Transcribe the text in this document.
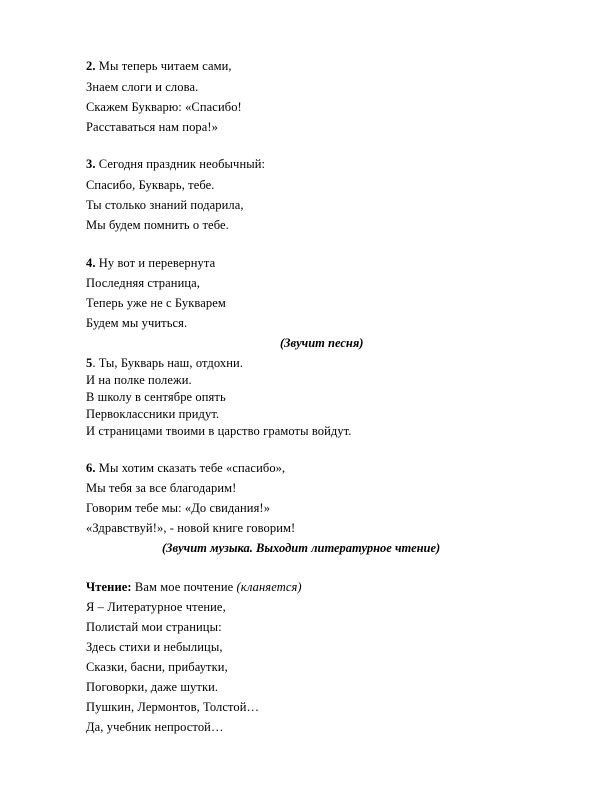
2. Мы теперь читаем сами,
Знаем слоги и слова.
Скажем Букварю: «Спасибо!
Расставаться нам пора!»
3. Сегодня праздник необычный:
Спасибо, Букварь, тебе.
Ты столько знаний подарила,
Мы будем помнить о тебе.
4. Ну вот и перевернута
Последняя страница,
Теперь уже не с Букварем
Будем мы учиться.
(Звучит песня)
5. Ты, Букварь наш, отдохни.
И на полке полежи.
В школу в сентябре опять
Первоклассники придут.
И страницами твоими в царство грамоты войдут.
6. Мы хотим сказать тебе «спасибо»,
Мы тебя за все благодарим!
Говорим тебе мы: «До свидания!»
«Здравствуй!», - новой книге говорим!
(Звучит музыка. Выходит литературное чтение)
Чтение: Вам мое почтение (кланяется)
Я – Литературное чтение,
Полистай мои страницы:
Здесь стихи и небылицы,
Сказки, басни, прибаутки,
Поговорки, даже шутки.
Пушкин, Лермонтов, Толстой…
Да, учебник непростой…
